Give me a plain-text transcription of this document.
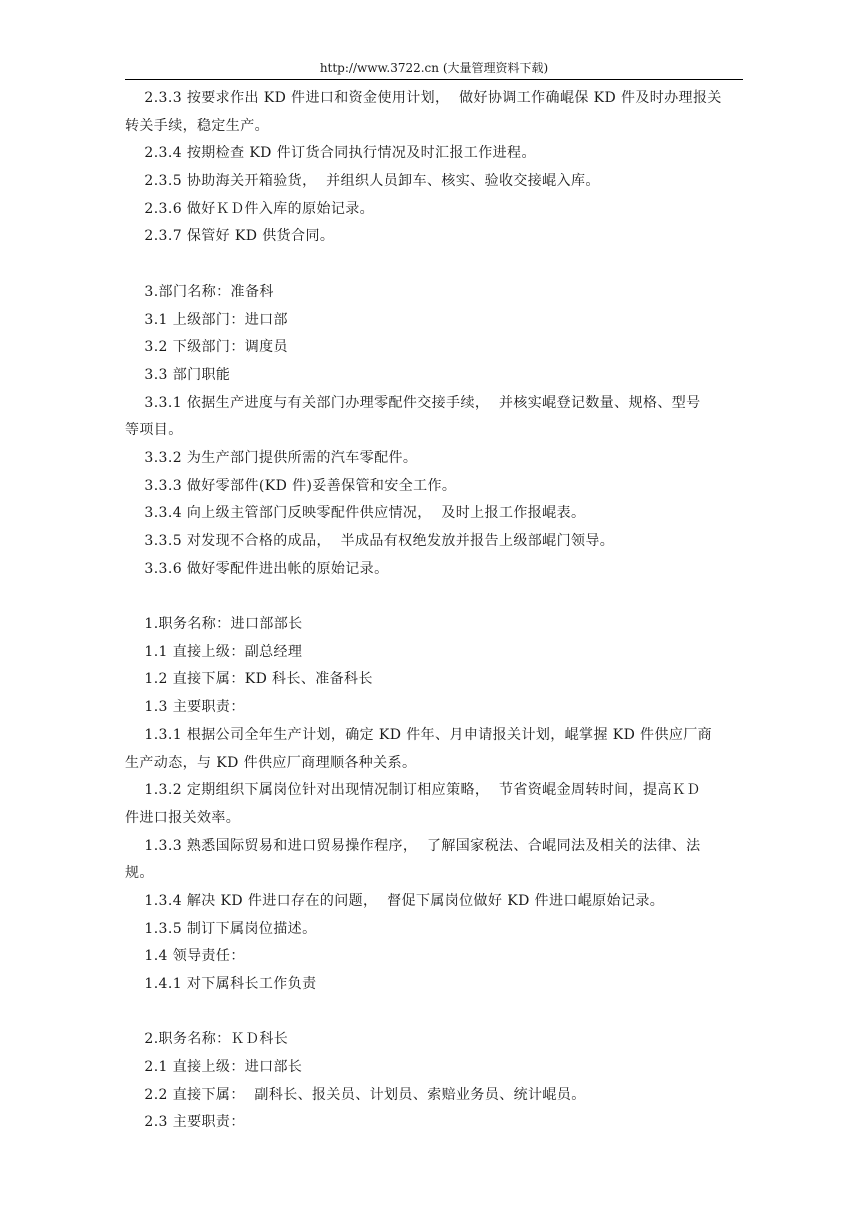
http://www.3722.cn (大量管理资料下载)
2.3.3 按要求作出 KD 件进口和资金使用计划，  做好协调工作确崐保 KD 件及时办理报关
转关手续，稳定生产。
2.3.4 按期检查 KD 件订货合同执行情况及时汇报工作进程。
2.3.5 协助海关开箱验货，  并组织人员卸车、核实、验收交接崐入库。
2.3.6 做好ＫＤ件入库的原始记录。
2.3.7 保管好 KD 供货合同。
3.部门名称：准备科
3.1 上级部门：进口部
3.2 下级部门：调度员
3.3 部门职能
3.3.1 依据生产进度与有关部门办理零配件交接手续，  并核实崐登记数量、规格、型号
等项目。
3.3.2 为生产部门提供所需的汽车零配件。
3.3.3 做好零部件(KD 件)妥善保管和安全工作。
3.3.4 向上级主管部门反映零配件供应情况，  及时上报工作报崐表。
3.3.5 对发现不合格的成品，  半成品有权绝发放并报告上级部崐门领导。
3.3.6 做好零配件进出帐的原始记录。
1.职务名称：进口部部长
1.1 直接上级：副总经理
1.2 直接下属：KD 科长、准备科长
1.3 主要职责：
1.3.1 根据公司全年生产计划，确定 KD 件年、月申请报关计划，崐掌握 KD 件供应厂商
生产动态，与 KD 件供应厂商理顺各种关系。
1.3.2 定期组织下属岗位针对出现情况制订相应策略，  节省资崐金周转时间，提高ＫＤ
件进口报关效率。
1.3.3 熟悉国际贸易和进口贸易操作程序，  了解国家税法、合崐同法及相关的法律、法
规。
1.3.4 解决 KD 件进口存在的问题，  督促下属岗位做好 KD 件进口崐原始记录。
1.3.5 制订下属岗位描述。
1.4 领导责任：
1.4.1 对下属科长工作负责
2.职务名称：ＫＤ科长
2.1 直接上级：进口部长
2.2 直接下属：  副科长、报关员、计划员、索赔业务员、统计崐员。
2.3 主要职责：
